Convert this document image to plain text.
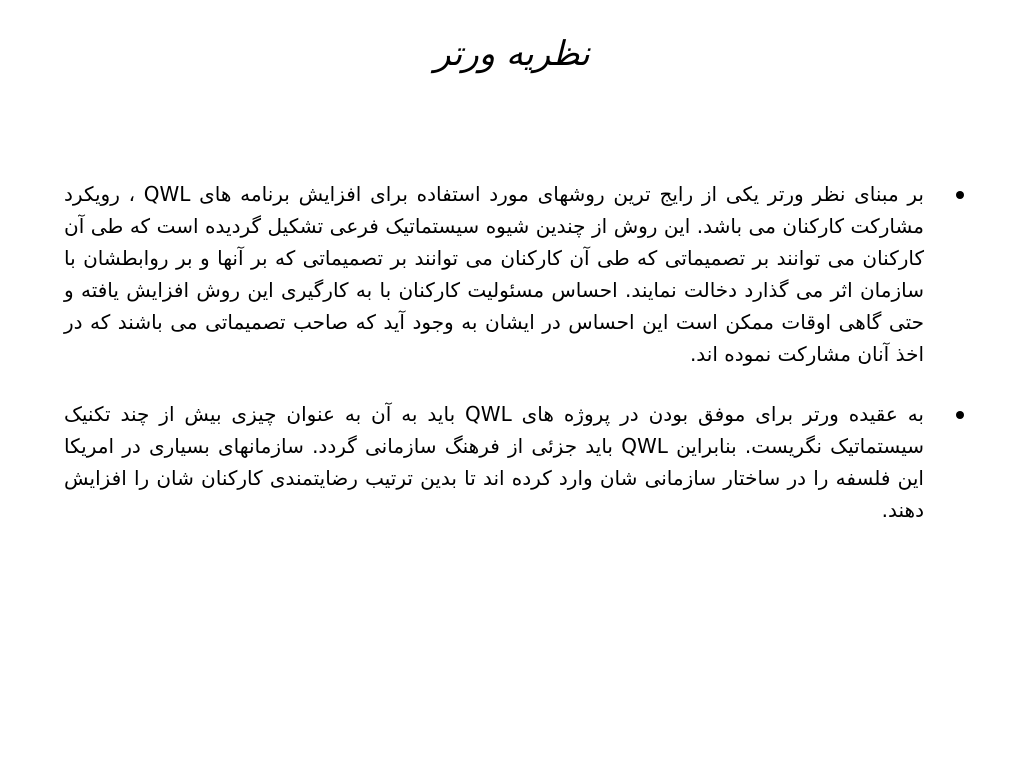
نظریه ورتر
بر مبنای نظر ورتر یکی از رایج ترین روشهای مورد استفاده برای افزایش برنامه های QWL ، رویکرد مشارکت کارکنان می باشد. این روش از چندین شیوه سیستماتیک فرعی تشکیل گردیده است که طی آن کارکنان می توانند بر تصمیماتی که طی آن کارکنان می توانند بر تصمیماتی که بر آنها و بر روابطشان با سازمان اثر می گذارد دخالت نمایند. احساس مسئولیت کارکنان با به کارگیری این روش افزایش یافته و حتی گاهی اوقات ممکن است این احساس در ایشان به وجود آید که صاحب تصمیماتی می باشند که در اخذ آنان مشارکت نموده اند.
به عقیده ورتر برای موفق بودن در پروژه های QWL باید به آن به عنوان چیزی بیش از چند تکنیک سیستماتیک نگریست. بنابراین QWL باید جزئی از فرهنگ سازمانی گردد. سازمانهای بسیاری در امریکا این فلسفه را در ساختار سازمانی شان وارد کرده اند تا بدین ترتیب رضایتمندی کارکنان شان را افزایش دهند.
